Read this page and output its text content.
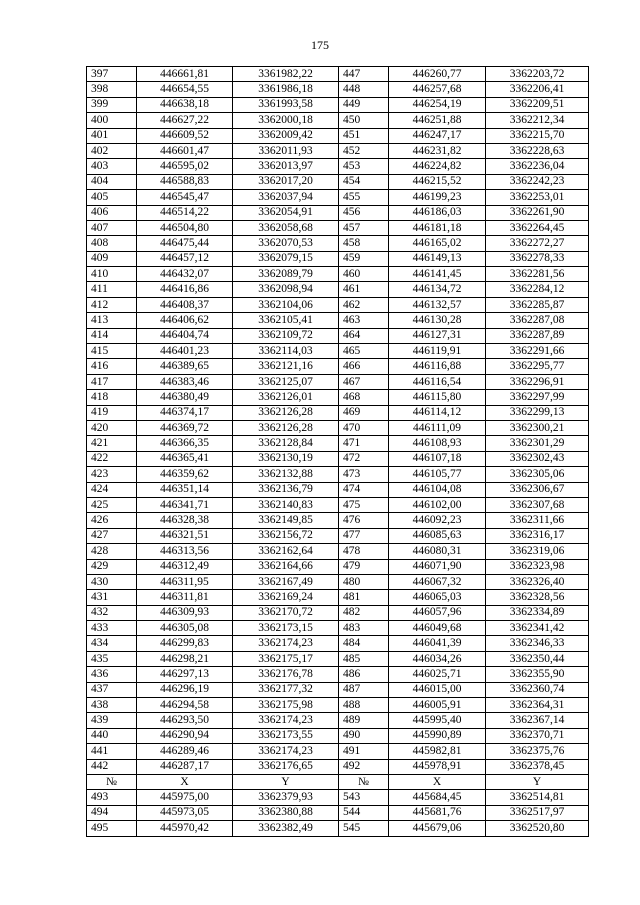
175
397	446661,81	3361982,22	447	446260,77	3362203,72
398	446654,55	3361986,18	448	446257,68	3362206,41
399	446638,18	3361993,58	449	446254,19	3362209,51
400	446627,22	3362000,18	450	446251,88	3362212,34
401	446609,52	3362009,42	451	446247,17	3362215,70
402	446601,47	3362011,93	452	446231,82	3362228,63
403	446595,02	3362013,97	453	446224,82	3362236,04
404	446588,83	3362017,20	454	446215,52	3362242,23
405	446545,47	3362037,94	455	446199,23	3362253,01
406	446514,22	3362054,91	456	446186,03	3362261,90
407	446504,80	3362058,68	457	446181,18	3362264,45
408	446475,44	3362070,53	458	446165,02	3362272,27
409	446457,12	3362079,15	459	446149,13	3362278,33
410	446432,07	3362089,79	460	446141,45	3362281,56
411	446416,86	3362098,94	461	446134,72	3362284,12
412	446408,37	3362104,06	462	446132,57	3362285,87
413	446406,62	3362105,41	463	446130,28	3362287,08
414	446404,74	3362109,72	464	446127,31	3362287,89
415	446401,23	3362114,03	465	446119,91	3362291,66
416	446389,65	3362121,16	466	446116,88	3362295,77
417	446383,46	3362125,07	467	446116,54	3362296,91
418	446380,49	3362126,01	468	446115,80	3362297,99
419	446374,17	3362126,28	469	446114,12	3362299,13
420	446369,72	3362126,28	470	446111,09	3362300,21
421	446366,35	3362128,84	471	446108,93	3362301,29
422	446365,41	3362130,19	472	446107,18	3362302,43
423	446359,62	3362132,88	473	446105,77	3362305,06
424	446351,14	3362136,79	474	446104,08	3362306,67
425	446341,71	3362140,83	475	446102,00	3362307,68
426	446328,38	3362149,85	476	446092,23	3362311,66
427	446321,51	3362156,72	477	446085,63	3362316,17
428	446313,56	3362162,64	478	446080,31	3362319,06
429	446312,49	3362164,66	479	446071,90	3362323,98
430	446311,95	3362167,49	480	446067,32	3362326,40
431	446311,81	3362169,24	481	446065,03	3362328,56
432	446309,93	3362170,72	482	446057,96	3362334,89
433	446305,08	3362173,15	483	446049,68	3362341,42
434	446299,83	3362174,23	484	446041,39	3362346,33
435	446298,21	3362175,17	485	446034,26	3362350,44
436	446297,13	3362176,78	486	446025,71	3362355,90
437	446296,19	3362177,32	487	446015,00	3362360,74
438	446294,58	3362175,98	488	446005,91	3362364,31
439	446293,50	3362174,23	489	445995,40	3362367,14
440	446290,94	3362173,55	490	445990,89	3362370,71
441	446289,46	3362174,23	491	445982,81	3362375,76
442	446287,17	3362176,65	492	445978,91	3362378,45
№	X	Y	№	X	Y
493	445975,00	3362379,93	543	445684,45	3362514,81
494	445973,05	3362380,88	544	445681,76	3362517,97
495	445970,42	3362382,49	545	445679,06	3362520,80
